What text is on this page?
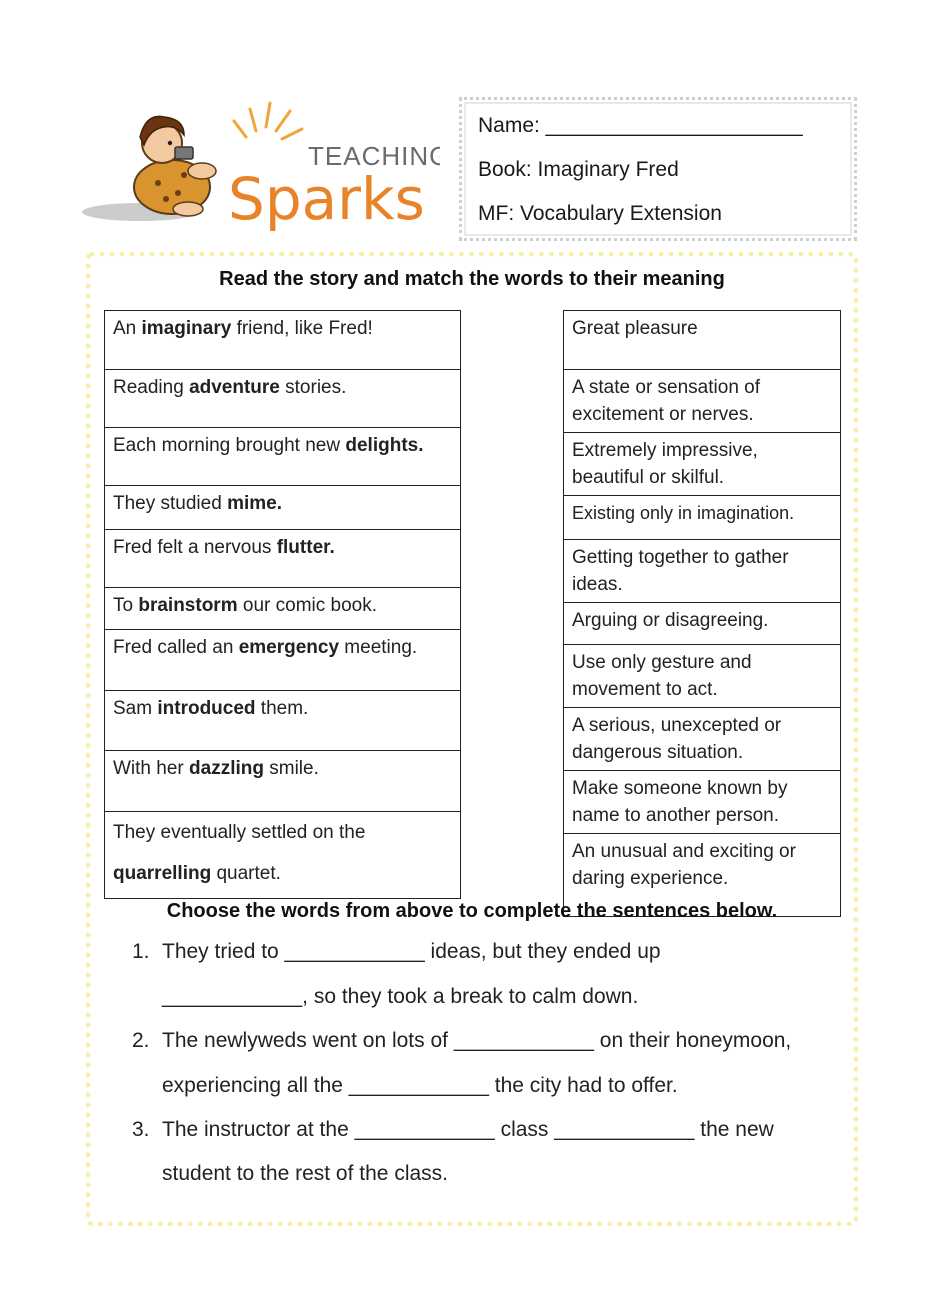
TEACHING
Sparks
Name: ______________________
Book: Imaginary Fred
MF: Vocabulary Extension
Read the story and match the words to their meaning
An imaginary friend, like Fred!
Reading adventure stories.
Each morning brought new delights.
They studied mime.
Fred felt a nervous flutter.
To brainstorm our comic book.
Fred called an emergency meeting.
Sam introduced them.
With her dazzling smile.
They eventually settled on the
quarrelling quartet.
Great pleasure
A state or sensation of excitement or nerves.
Extremely impressive, beautiful or skilful.
Existing only in imagination.
Getting together to gather ideas.
Arguing or disagreeing.
Use only gesture and movement to act.
A serious, unexcepted or dangerous situation.
Make someone known by name to another person.
An unusual and exciting or daring experience.
Choose the words from above to complete the sentences below.
1. They tried to ____________ ideas, but they ended up
____________, so they took a break to calm down.
2. The newlyweds went on lots of ____________ on their honeymoon,
experiencing all the ____________ the city had to offer.
3. The instructor at the ____________ class ____________ the new
student to the rest of the class.
